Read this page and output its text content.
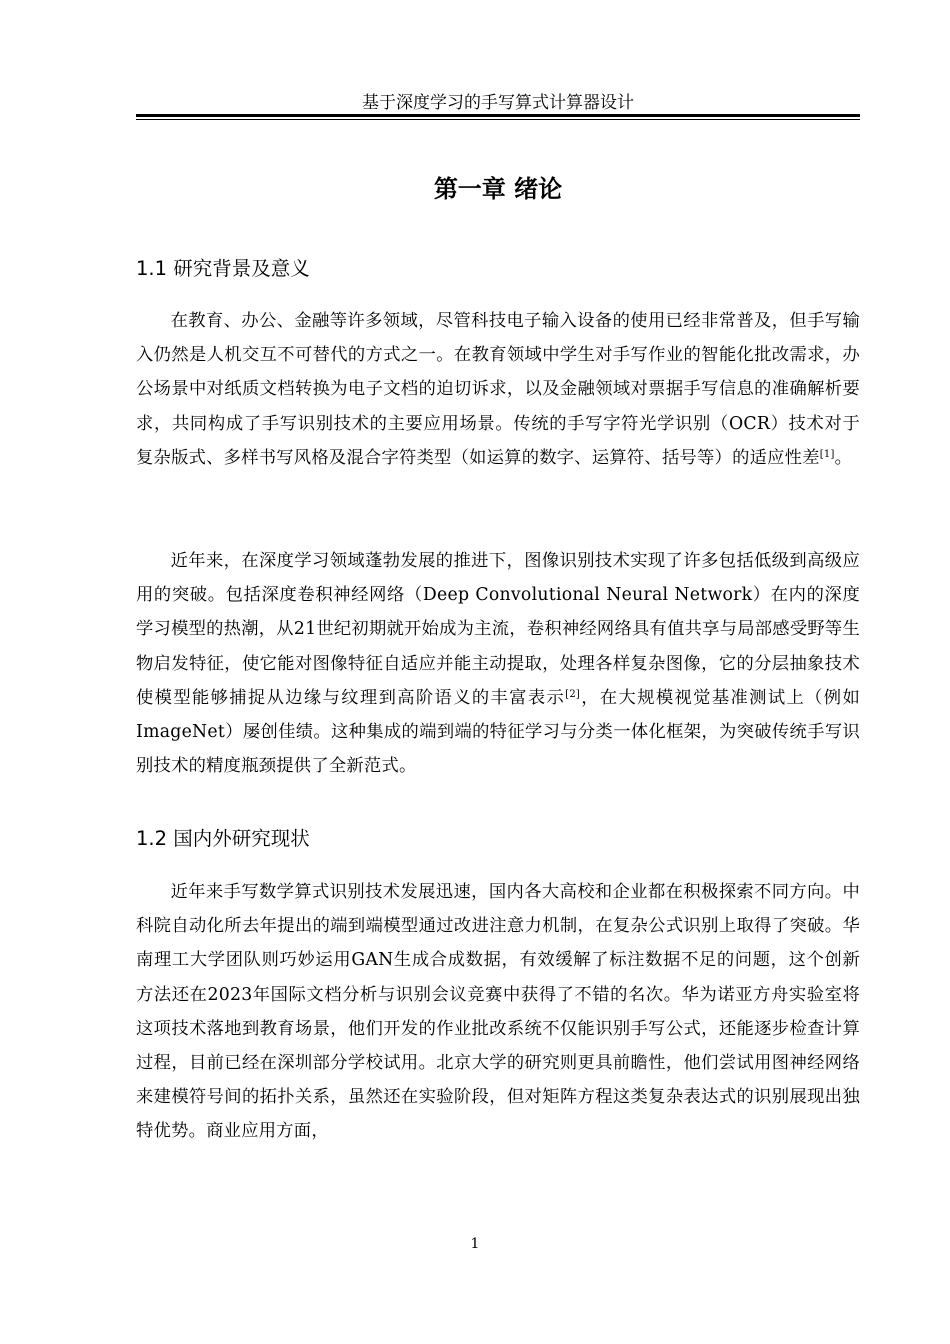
基于深度学习的手写算式计算器设计
第一章 绪论
1.1 研究背景及意义

在教育、办公、金融等许多领域，尽管科技电子输入设备的使用已经非常普及，但手写输入仍然是人机交互不可替代的方式之一。在教育领域中学生对手写作业的智能化批改需求，办公场景中对纸质文档转换为电子文档的迫切诉求，以及金融领域对票据手写信息的准确解析要求，共同构成了手写识别技术的主要应用场景。传统的手写字符光学识别（OCR）技术对于复杂版式、多样书写风格及混合字符类型（如运算的数字、运算符、括号等）的适应性差[1]。

近年来，在深度学习领域蓬勃发展的推进下，图像识别技术实现了许多包括低级到高级应用的突破。包括深度卷积神经网络（Deep Convolutional Neural Network）在内的深度学习模型的热潮，从21世纪初期就开始成为主流，卷积神经网络具有值共享与局部感受野等生物启发特征，使它能对图像特征自适应并能主动提取，处理各样复杂图像，它的分层抽象技术使模型能够捕捉从边缘与纹理到高阶语义的丰富表示[2]，在大规模视觉基准测试上（例如ImageNet）屡创佳绩。这种集成的端到端的特征学习与分类一体化框架，为突破传统手写识别技术的精度瓶颈提供了全新范式。

1.2 国内外研究现状

近年来手写数学算式识别技术发展迅速，国内各大高校和企业都在积极探索不同方向。中科院自动化所去年提出的端到端模型通过改进注意力机制，在复杂公式识别上取得了突破。华南理工大学团队则巧妙运用GAN生成合成数据，有效缓解了标注数据不足的问题，这个创新方法还在2023年国际文档分析与识别会议竞赛中获得了不错的名次。华为诺亚方舟实验室将这项技术落地到教育场景，他们开发的作业批改系统不仅能识别手写公式，还能逐步检查计算过程，目前已经在深圳部分学校试用。北京大学的研究则更具前瞻性，他们尝试用图神经网络来建模符号间的拓扑关系，虽然还在实验阶段，但对矩阵方程这类复杂表达式的识别展现出独特优势。商业应用方面，

1
